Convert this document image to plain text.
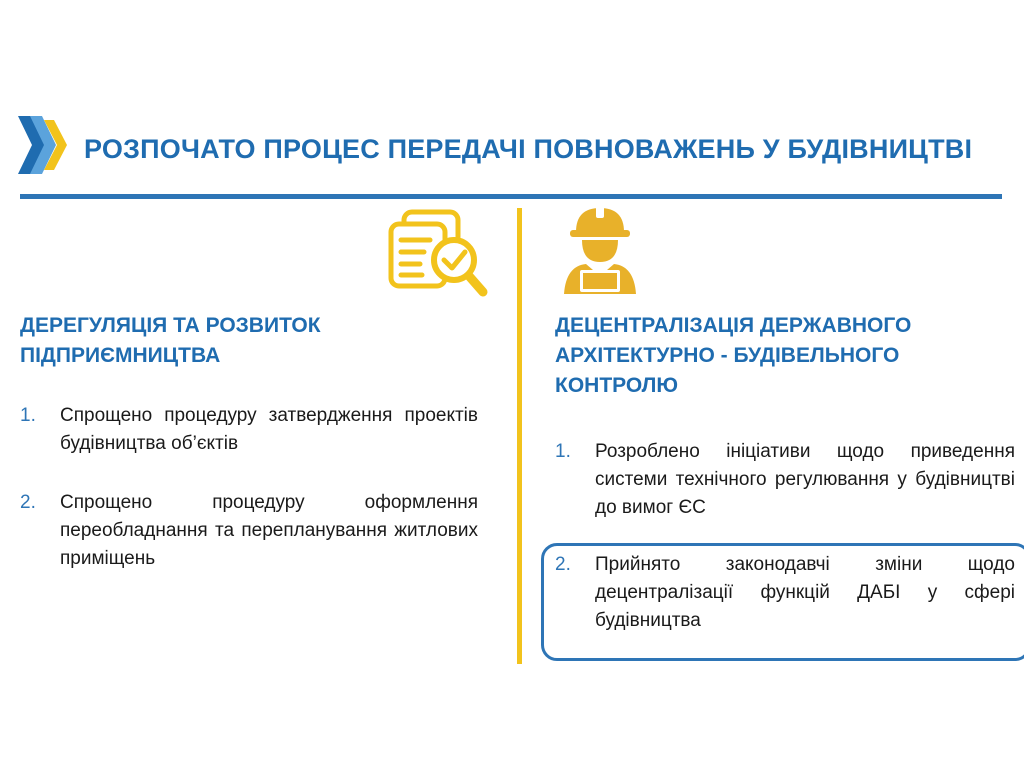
РОЗПОЧАТО ПРОЦЕС ПЕРЕДАЧІ ПОВНОВАЖЕНЬ У БУДІВНИЦТВІ
ДЕРЕГУЛЯЦІЯ ТА РОЗВИТОК ПІДПРИЄМНИЦТВА
1. Спрощено процедуру затвердження проектів будівництва об’єктів
2. Спрощено процедуру оформлення переобладнання та перепланування житлових приміщень
ДЕЦЕНТРАЛІЗАЦІЯ ДЕРЖАВНОГО АРХІТЕКТУРНО - БУДІВЕЛЬНОГО КОНТРОЛЮ
1. Розроблено ініціативи щодо приведення системи технічного регулювання у будівництві до вимог ЄС
2. Прийнято законодавчі зміни щодо децентралізації функцій ДАБІ у сфері будівництва
